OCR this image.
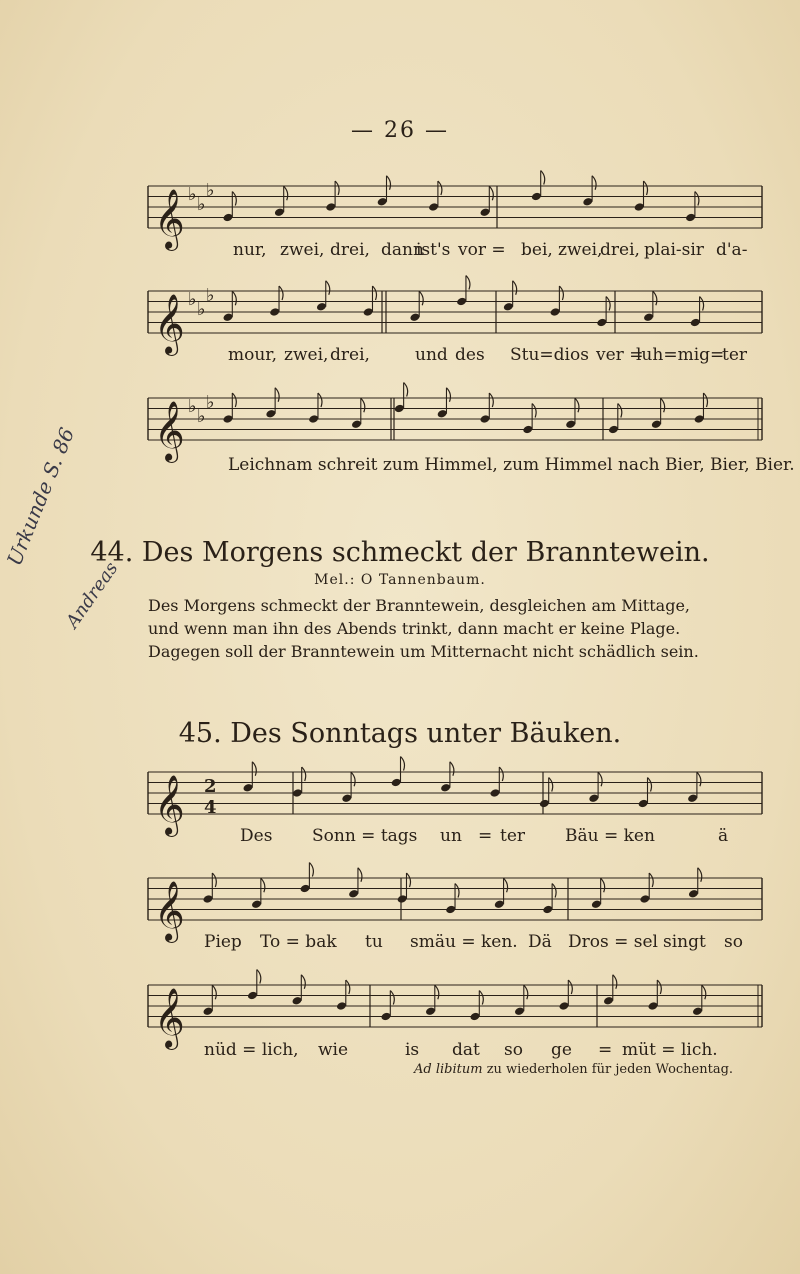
— 26 —
𝄞 ♭ ♭
♭
𝄞 ♭ ♭
♭
𝄞 ♭ ♭
♭
𝄞 2
4
𝄞
𝄞
nur, zwei, drei, dann
ist's vor = bei, zwei,
drei, plai-sir d'a-
mour, zwei, drei,	und des Stu=dios ver =
luh=mig=
ter
Leichnam schreit zum Himmel, zum Himmel nach Bier, Bier, Bier.
44. Des Morgens schmeckt der Branntewein.
Mel.: O Tannenbaum.
Des Morgens schmeckt der Branntewein, desgleichen am Mittage,
und wenn man ihn des Abends trinkt, dann macht er keine Plage.
Dagegen soll der Branntewein um Mitternacht nicht schädlich sein.
Urkunde S. 86
Andreas
45. Des Sonntags unter Bäuken.
Des Sonn = tags un = ter Bäu = ken	ä
Piep To = bak tu smäu = ken. Dä Dros = sel singt so
nüd = lich, wie	is dat so ge = müt = lich.
Ad libitum zu wiederholen für jeden Wochentag.
